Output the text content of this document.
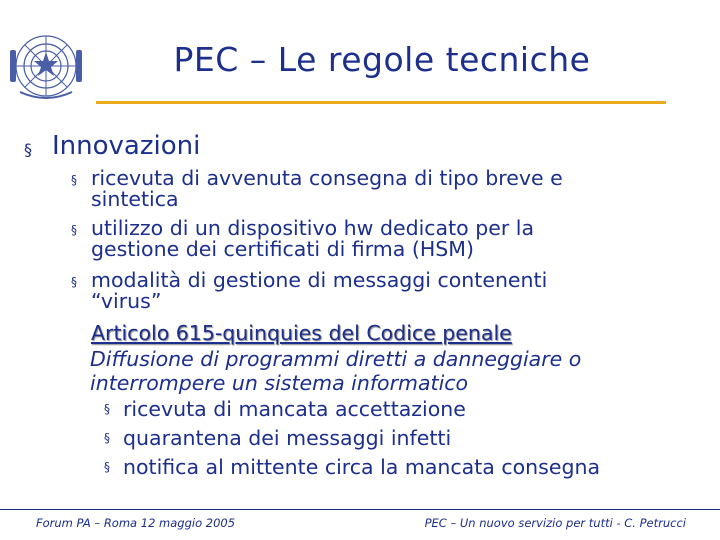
PEC – Le regole tecniche
§ Innovazioni
§ ricevuta di avvenuta consegna di tipo breve e
sintetica
§ utilizzo di un dispositivo hw dedicato per la
gestione dei certificati di firma (HSM)
§ modalità di gestione di messaggi contenenti
“virus”
Articolo 615-quinquies del Codice penale
Diffusione di programmi diretti a danneggiare o
interrompere un sistema informatico
§ ricevuta di mancata accettazione
§ quarantena dei messaggi infetti
§ notifica al mittente circa la mancata consegna
Forum PA – Roma 12 maggio 2005	PEC – Un nuovo servizio per tutti - C. Petrucci
